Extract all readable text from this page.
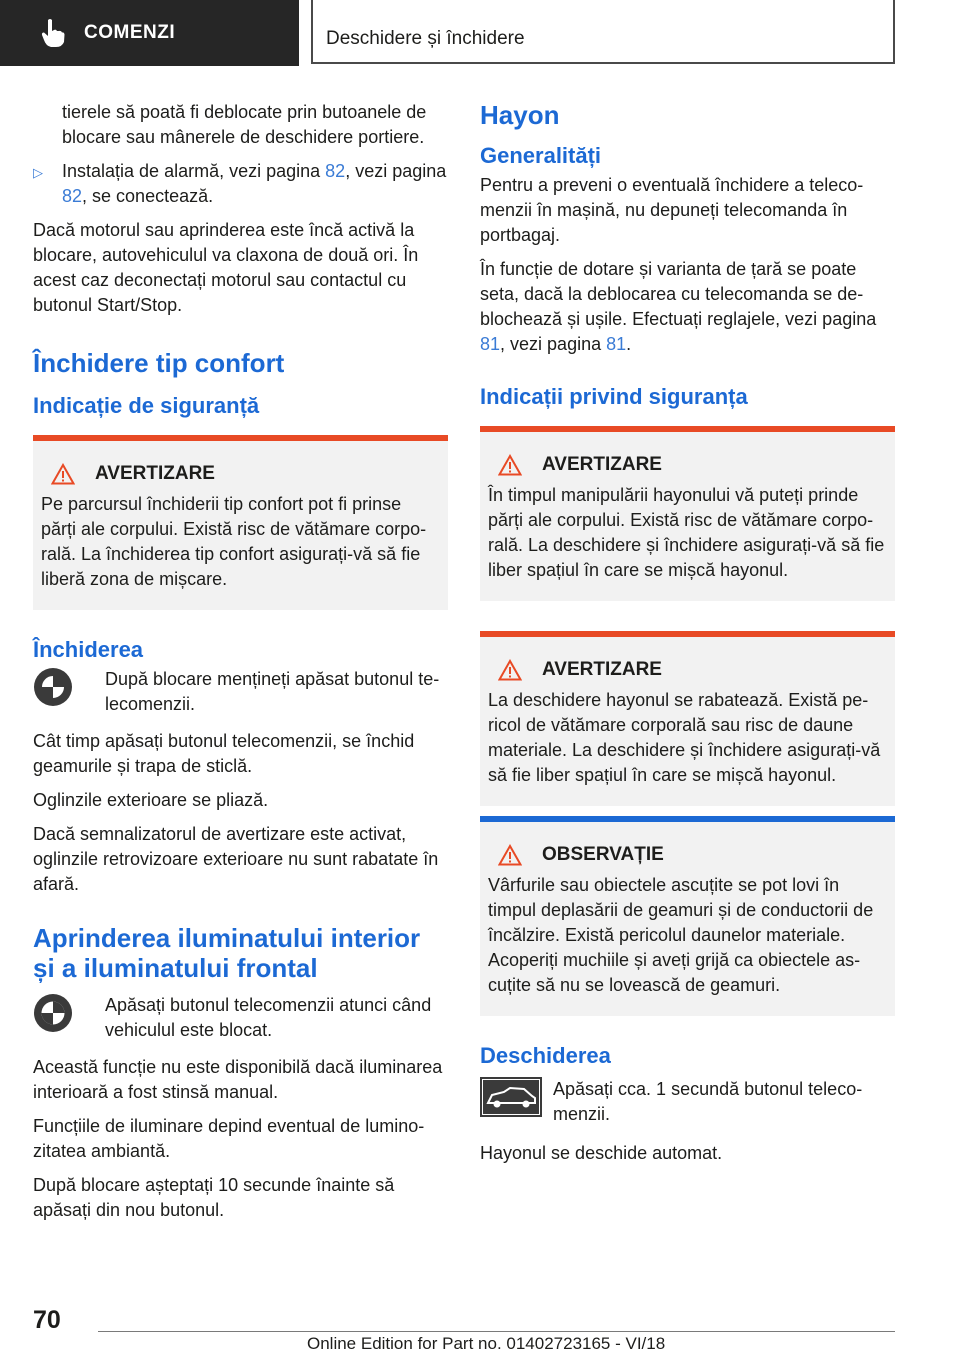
COMENZI	Deschidere și închidere

tierele să poată fi deblocate prin butoanele de blocare sau mânerele de deschidere portiere.

▷	Instalația de alarmă, vezi pagina 82, vezi pagina 82, se conectează.

Dacă motorul sau aprinderea este încă activă la blocare, autovehiculul va claxona de două ori. În acest caz deconectați motorul sau contactul cu butonul Start/Stop.

Închidere tip confort
Indicație de siguranță
AVERTIZARE
Pe parcursul închiderii tip confort pot fi prinse părți ale corpului. Există risc de vătămare corporală. La închiderea tip confort asigurați-vă să fie liberă zona de mișcare.
Închiderea
După blocare mențineți apăsat butonul telecomenzii.

Cât timp apăsați butonul telecomenzii, se închid geamurile și trapa de sticlă.

Oglinzile exterioare se pliază.

Dacă semnalizatorul de avertizare este activat, oglinzile retrovizoare exterioare nu sunt rabatate în afară.

Aprinderea iluminatului interior și a iluminatului frontal
Apăsați butonul telecomenzii atunci când vehiculul este blocat.

Această funcție nu este disponibilă dacă iluminarea interioară a fost stinsă manual.

Funcțiile de iluminare depind eventual de luminozitatea ambiantă.

După blocare așteptați 10 secunde înainte să apăsați din nou butonul.

Hayon
Generalități

Pentru a preveni o eventuală închidere a telecomenzii în mașină, nu depuneți telecomanda în portbagaj.

În funcție de dotare și varianta de țară se poate seta, dacă la deblocarea cu telecomanda se deblochează și ușile. Efectuați reglajele, vezi pagina 81, vezi pagina 81.

Indicații privind siguranța
AVERTIZARE
În timpul manipulării hayonului vă puteți prinde părți ale corpului. Există risc de vătămare corporală. La deschidere și închidere asigurați-vă să fie liber spațiul în care se mișcă hayonul.
AVERTIZARE
La deschidere hayonul se rabatează. Există pericol de vătămare corporală sau risc de daune materiale. La deschidere și închidere asigurați-vă să fie liber spațiul în care se mișcă hayonul.
OBSERVAȚIE
Vârfurile sau obiectele ascuțite se pot lovi în timpul deplasării de geamuri și de conductorii de încălzire. Există pericolul daunelor materiale. Acoperiți muchiile și aveți grijă ca obiectele ascuțite să nu se lovească de geamuri.
Deschiderea
Apăsați cca. 1 secundă butonul telecomenzii.

Hayonul se deschide automat.

70
Online Edition for Part no. 01402723165 - VI/18
